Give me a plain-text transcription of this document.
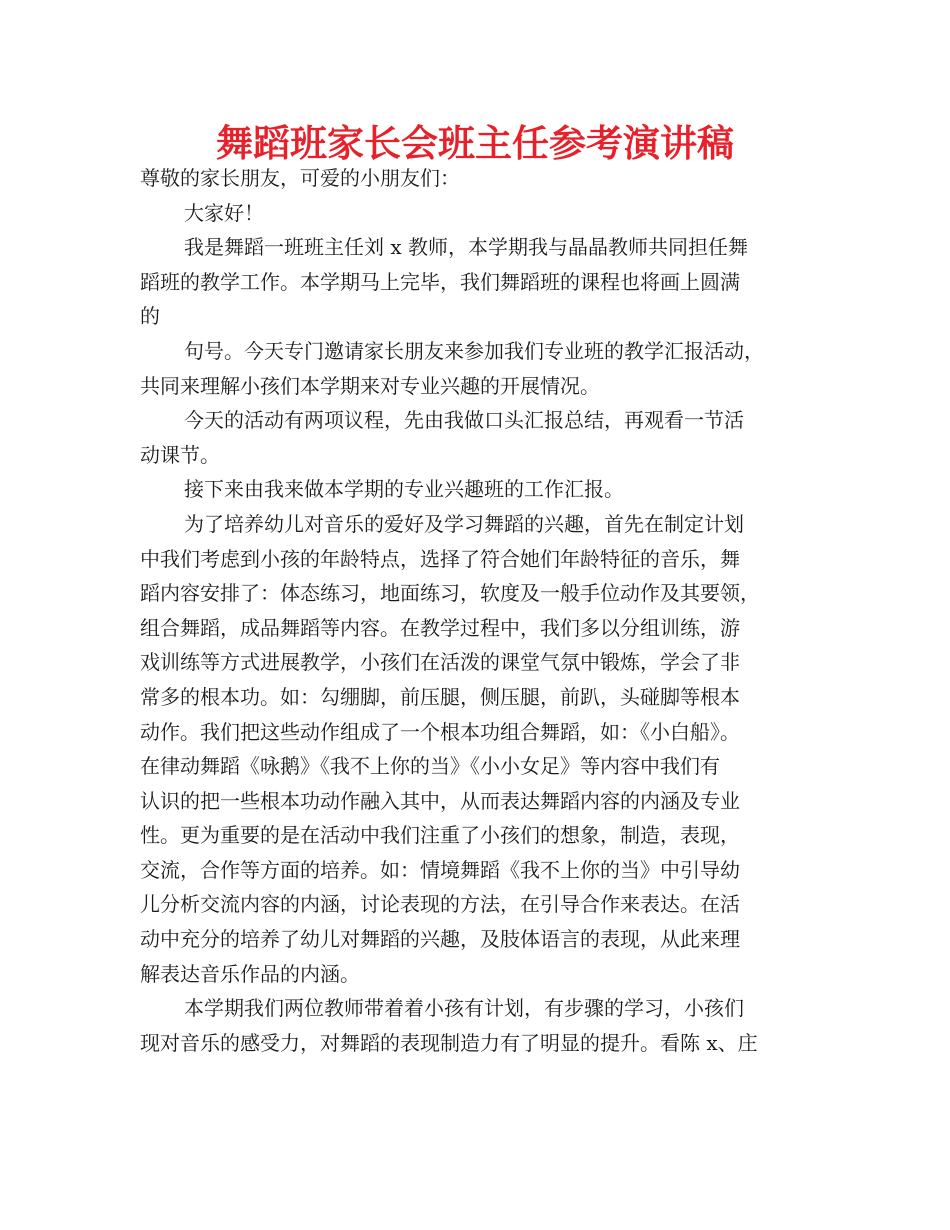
舞蹈班家长会班主任参考演讲稿
尊敬的家长朋友，可爱的小朋友们：
大家好！
我是舞蹈一班班主任刘 x 教师，本学期我与晶晶教师共同担任舞
蹈班的教学工作。本学期马上完毕，我们舞蹈班的课程也将画上圆满
的
句号。今天专门邀请家长朋友来参加我们专业班的教学汇报活动，
共同来理解小孩们本学期来对专业兴趣的开展情况。
今天的活动有两项议程，先由我做口头汇报总结，再观看一节活
动课节。
接下来由我来做本学期的专业兴趣班的工作汇报。
为了培养幼儿对音乐的爱好及学习舞蹈的兴趣，首先在制定计划
中我们考虑到小孩的年龄特点，选择了符合她们年龄特征的音乐，舞
蹈内容安排了：体态练习，地面练习，软度及一般手位动作及其要领，
组合舞蹈，成品舞蹈等内容。在教学过程中，我们多以分组训练，游
戏训练等方式进展教学，小孩们在活泼的课堂气氛中锻炼，学会了非
常多的根本功。如：勾绷脚，前压腿，侧压腿，前趴，头碰脚等根本
动作。我们把这些动作组成了一个根本功组合舞蹈，如：《小白船》。
在律动舞蹈《咏鹅》《我不上你的当》《小小女足》等内容中我们有
认识的把一些根本功动作融入其中，从而表达舞蹈内容的内涵及专业
性。更为重要的是在活动中我们注重了小孩们的想象，制造，表现，
交流，合作等方面的培养。如：情境舞蹈《我不上你的当》中引导幼
儿分析交流内容的内涵，讨论表现的方法，在引导合作来表达。在活
动中充分的培养了幼儿对舞蹈的兴趣，及肢体语言的表现，从此来理
解表达音乐作品的内涵。
本学期我们两位教师带着着小孩有计划，有步骤的学习，小孩们
现对音乐的感受力，对舞蹈的表现制造力有了明显的提升。看陈 x、庄
